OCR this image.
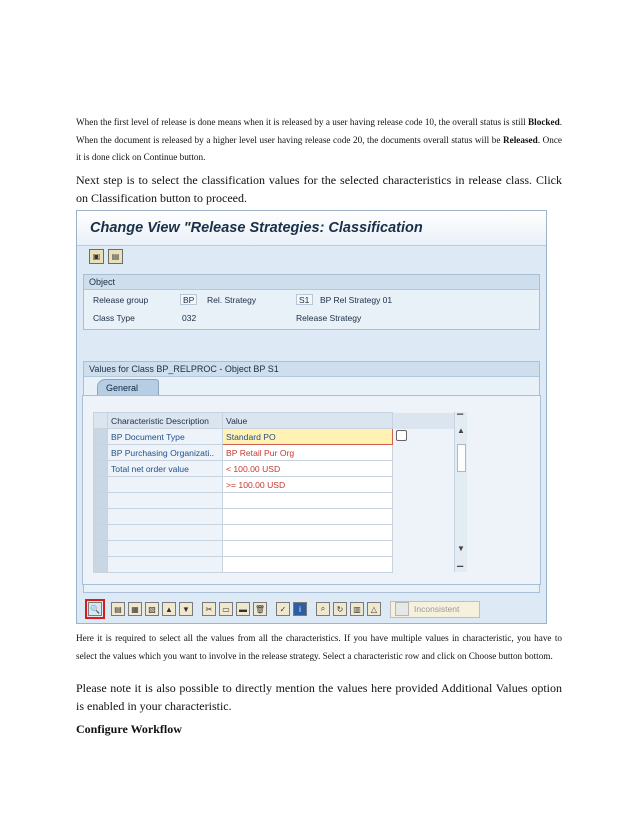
When the first level of release is done means when it is released by a user having release code 10, the overall status is still Blocked. When the document is released by a higher level user having release code 20, the documents overall status will be Released. Once it is done click on Continue button.

Next step is to select the classification values for the selected characteristics in release class. Click on Classification button to proceed.

Change View "Release Strategies: Classification
▣	▤
Object
Release group	BP	Rel. Strategy	S1	BP Rel Strategy 01
Class Type	032	Release Strategy
Values for Class BP_RELPROC - Object BP S1
General
	Characteristic Description	Value	
	BP Document Type	Standard PO	
	BP Purchasing Organizati..	BP Retail Pur Org	
	Total net order value	< 100.00 USD	
		>= 100.00 USD	

▔
▲
▼
▁
🔍	▤	▦	▧	▲	▼	✂	▭	▬ 🗑	✓	i	⌕	↻	▥	△	Inconsistent

Here it is required to select all the values from all the characteristics. If you have multiple values in characteristic, you have to select the values which you want to involve in the release strategy. Select a characteristic row and click on Choose button bottom.

Please note it is also possible to directly mention the values here provided Additional Values option is enabled in your characteristic.

Configure Workflow
